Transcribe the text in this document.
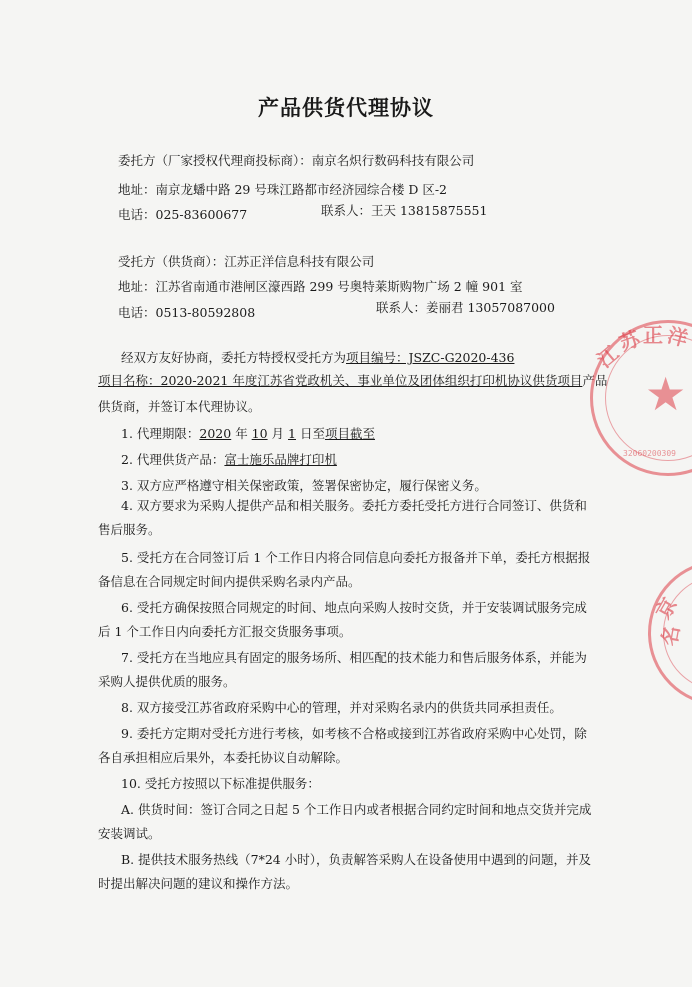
产品供货代理协议
委托方（厂家授权代理商投标商）：南京名炽行数码科技有限公司
地址：南京龙蟠中路 29 号珠江路都市经济园综合楼 D 区-2
电话：025-83600677	联系人：王天 13815875551
受托方（供货商）：江苏正洋信息科技有限公司
地址：江苏省南通市港闸区濠西路 299 号奥特莱斯购物广场 2 幢 901 室
电话：0513-80592808	联系人：姜丽君 13057087000
经双方友好协商，委托方特授权受托方为项目编号：JSZC-G2020-436
项目名称：2020-2021 年度江苏省党政机关、事业单位及团体组织打印机协议供货项目产品
供货商，并签订本代理协议。
1. 代理期限：2020 年 10 月 1 日至项目截至
2. 代理供货产品：富士施乐品牌打印机
3. 双方应严格遵守相关保密政策，签署保密协定，履行保密义务。
4. 双方要求为采购人提供产品和相关服务。委托方委托受托方进行合同签订、供货和
售后服务。
5. 受托方在合同签订后 1 个工作日内将合同信息向委托方报备并下单，委托方根据报
备信息在合同规定时间内提供采购名录内产品。
6. 受托方确保按照合同规定的时间、地点向采购人按时交货，并于安装调试服务完成
后 1 个工作日内向委托方汇报交货服务事项。
7. 受托方在当地应具有固定的服务场所、相匹配的技术能力和售后服务体系，并能为
采购人提供优质的服务。
8. 双方接受江苏省政府采购中心的管理，并对采购名录内的供货共同承担责任。
9. 委托方定期对受托方进行考核，如考核不合格或接到江苏省政府采购中心处罚，除
各自承担相应后果外，本委托协议自动解除。
10. 受托方按照以下标准提供服务：
A. 供货时间：签订合同之日起 5 个工作日内或者根据合同约定时间和地点交货并完成
安装调试。
B. 提供技术服务热线（7*24 小时），负责解答采购人在设备使用中遇到的问题，并及
时提出解决问题的建议和操作方法。
★
江
苏 正 洋
32060200309
京
名
